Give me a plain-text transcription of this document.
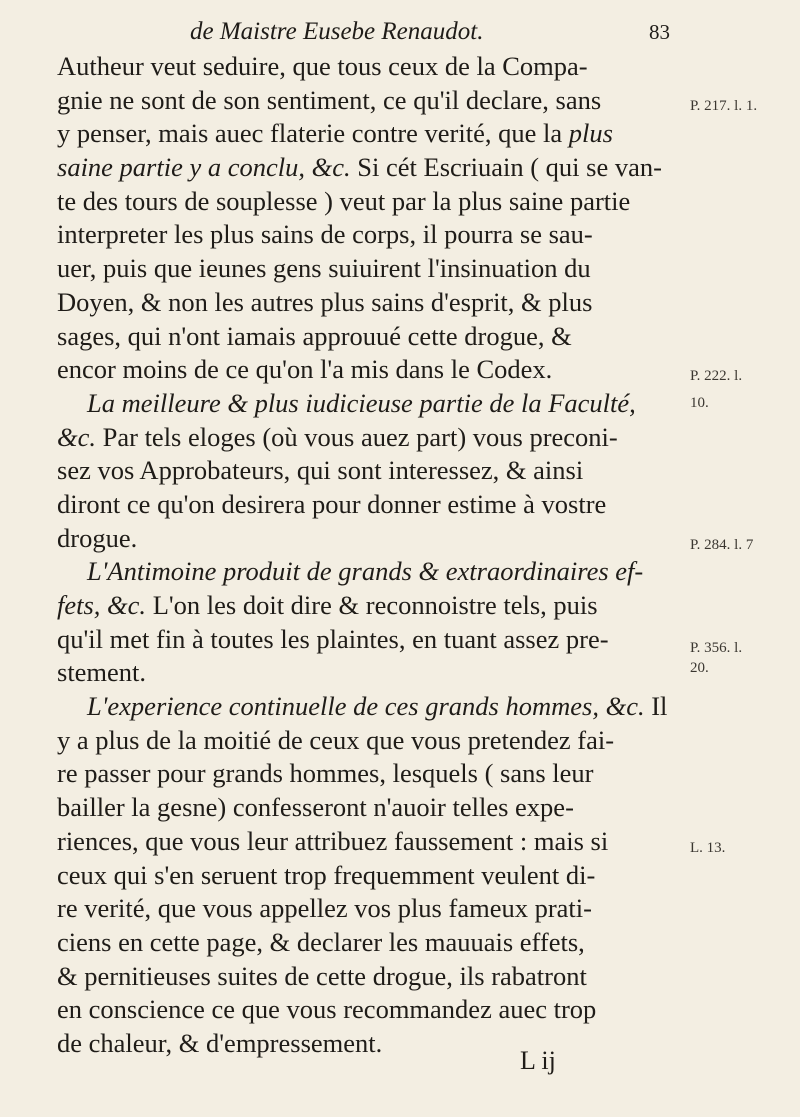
de Maistre Eusebe Renaudot.	83
Autheur veut seduire, que tous ceux de la Compa-
gnie ne sont de son sentiment, ce qu'il declare, sans
y penser, mais auec flaterie contre verité, que la plus
saine partie y a conclu, &c. Si cét Escriuain ( qui se van-
te des tours de souplesse ) veut par la plus saine partie
interpreter les plus sains de corps, il pourra se sau-
uer, puis que ieunes gens suiuirent l'insinuation du
Doyen, & non les autres plus sains d'esprit, & plus
sages, qui n'ont iamais approuué cette drogue, &
encor moins de ce qu'on l'a mis dans le Codex.
La meilleure & plus iudicieuse partie de la Faculté,
&c. Par tels eloges (où vous auez part) vous preconi-
sez vos Approbateurs, qui sont interessez, & ainsi
diront ce qu'on desirera pour donner estime à vostre
drogue.
L'Antimoine produit de grands & extraordinaires ef-
fets, &c. L'on les doit dire & reconnoistre tels, puis
qu'il met fin à toutes les plaintes, en tuant assez pre-
stement.
L'experience continuelle de ces grands hommes, &c. Il
y a plus de la moitié de ceux que vous pretendez fai-
re passer pour grands hommes, lesquels ( sans leur
bailler la gesne) confesseront n'auoir telles expe-
riences, que vous leur attribuez faussement : mais si
ceux qui s'en seruent trop frequemment veulent di-
re verité, que vous appellez vos plus fameux prati-
ciens en cette page, & declarer les mauuais effets,
& pernitieuses suites de cette drogue, ils rabatront
en conscience ce que vous recommandez auec trop
de chaleur, & d'empressement.
P. 217. l. 1.
P. 222. l.
10.
P. 284. l. 7
P. 356. l.
20.
L. 13.
L ij
